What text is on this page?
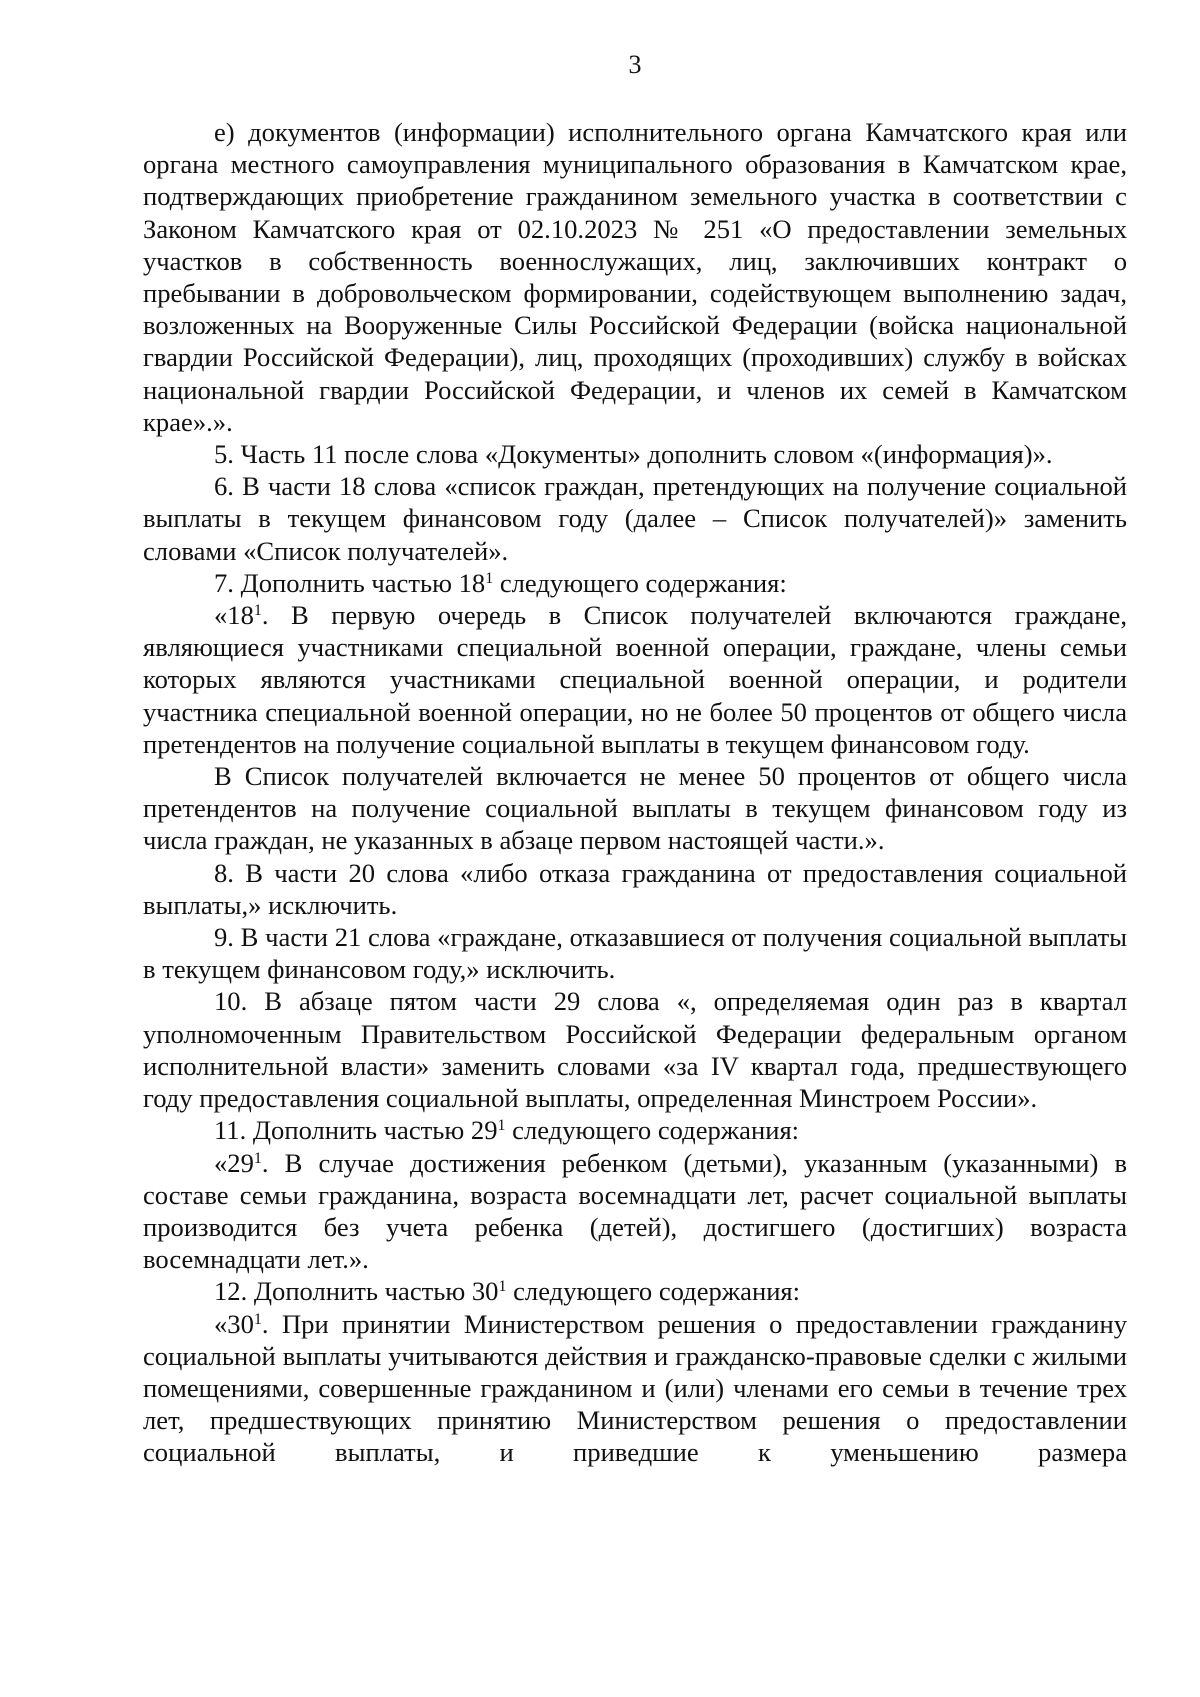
3

е) документов (информации) исполнительного органа Камчатского края или органа местного самоуправления муниципального образования в Камчатском крае, подтверждающих приобретение гражданином земельного участка в соответствии с Законом Камчатского края от 02.10.2023 № 251 «О предоставлении земельных участков в собственность военнослужащих, лиц, заключивших контракт о пребывании в добровольческом формировании, содействующем выполнению задач, возложенных на Вооруженные Силы Российской Федерации (войска национальной гвардии Российской Федерации), лиц, проходящих (проходивших) службу в войсках национальной гвардии Российской Федерации, и членов их семей в Камчатском крае».».

5. Часть 11 после слова «Документы» дополнить словом «(информация)».

6. В части 18 слова «список граждан, претендующих на получение социальной выплаты в текущем финансовом году (далее – Список получателей)» заменить словами «Список получателей».

7. Дополнить частью $18^1$ следующего содержания:

«$18^1$. В первую очередь в Список получателей включаются граждане, являющиеся участниками специальной военной операции, граждане, члены семьи которых являются участниками специальной военной операции, и родители участника специальной военной операции, но не более 50 процентов от общего числа претендентов на получение социальной выплаты в текущем финансовом году.

В Список получателей включается не менее 50 процентов от общего числа претендентов на получение социальной выплаты в текущем финансовом году из числа граждан, не указанных в абзаце первом настоящей части.».

8. В части 20 слова «либо отказа гражданина от предоставления социальной выплаты,» исключить.

9. В части 21 слова «граждане, отказавшиеся от получения социальной выплаты в текущем финансовом году,» исключить.

10. В абзаце пятом части 29 слова «, определяемая один раз в квартал уполномоченным Правительством Российской Федерации федеральным органом исполнительной власти» заменить словами «за IV квартал года, предшествующего году предоставления социальной выплаты, определенная Минстроем России».

11. Дополнить частью $29^1$ следующего содержания:

«$29^1$. В случае достижения ребенком (детьми), указанным (указанными) в составе семьи гражданина, возраста восемнадцати лет, расчет социальной выплаты производится без учета ребенка (детей), достигшего (достигших) возраста восемнадцати лет.».

12. Дополнить частью $30^1$ следующего содержания:

«$30^1$. При принятии Министерством решения о предоставлении гражданину социальной выплаты учитываются действия и гражданско-правовые сделки с жилыми помещениями, совершенные гражданином и (или) членами его семьи в течение трех лет, предшествующих принятию Министерством решения о предоставлении социальной выплаты, и приведшие к уменьшению размера
